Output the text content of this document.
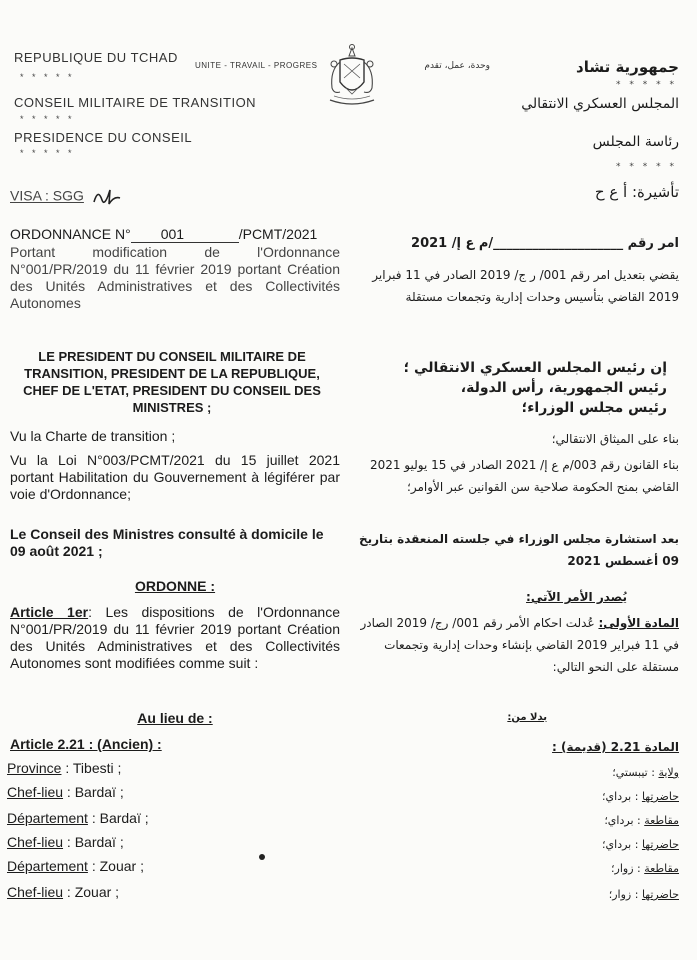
REPUBLIQUE DU TCHAD
* * * * *
CONSEIL MILITAIRE DE TRANSITION
* * * * *
PRESIDENCE DU CONSEIL
* * * * *
UNITE - TRAVAIL - PROGRES	وحدة، عمل، تقدم	جمهورية تشاد
* * * * *
المجلس العسكري الانتقالي
رئاسة المجلس
* * * * *
VISA : SGG	تأشيرة: أ ع ح
ORDONNANCE N° 001	/PCMT/2021
Portant modification de l'Ordonnance N°001/PR/2019 du 11 février 2019 portant Création des Unités Administratives et des Collectivités Autonomes
امر رقم ____________________/م ع إ/ 2021
يقضي بتعديل امر رقم 001/ ر ج/ 2019 الصادر في 11 فبراير 2019 القاضي بتأسيس وحدات إدارية وتجمعات مستقلة
LE PRESIDENT DU CONSEIL MILITAIRE DE TRANSITION, PRESIDENT DE LA REPUBLIQUE, CHEF DE L'ETAT, PRESIDENT DU CONSEIL DES MINISTRES ;
إن رئيس المجلس العسكري الانتقالي ؛
رئيس الجمهورية، رأس الدولة،
رئيس مجلس الوزراء؛
Vu la Charte de transition ;	بناء على الميثاق الانتقالي؛
Vu la Loi N°003/PCMT/2021 du 15 juillet 2021 portant Habilitation du Gouvernement à légiférer par voie d'Ordonnance;
بناء القانون رقم 003/م ع إ/ 2021 الصادر في 15 يوليو 2021 القاضي بمنح الحكومة صلاحية سن القوانين عبر الأوامر؛
Le Conseil des Ministres consulté à domicile le 09 août 2021 ;
بعد استشارة مجلس الوزراء في جلسته المنعقدة بتاريخ 09 أغسطس 2021
ORDONNE :
يُصدر الأمر الآتي:
Article 1er: Les dispositions de l'Ordonnance N°001/PR/2019 du 11 février 2019 portant Création des Unités Administratives et des Collectivités Autonomes sont modifiées comme suit :
المادة الأولى: عُدلت احكام الأمر رقم 001/ رج/ 2019 الصادر في 11 فبراير 2019 القاضي بإنشاء وحدات إدارية وتجمعات مستقلة على النحو التالي:
Au lieu de :	بدلا من:
Article 2.21 : (Ancien) :	المادة 2.21 (قديمة) :
Province : Tibesti ;	ولاية : تيبستي؛
Chef-lieu : Bardaï ;	حاضرتها : برداي؛
Département : Bardaï ;	مقاطعة : برداي؛
Chef-lieu : Bardaï ;	حاضرتها : برداي؛
Département : Zouar ;	مقاطعة : زوار؛
Chef-lieu : Zouar ;	حاضرتها : زوار؛
